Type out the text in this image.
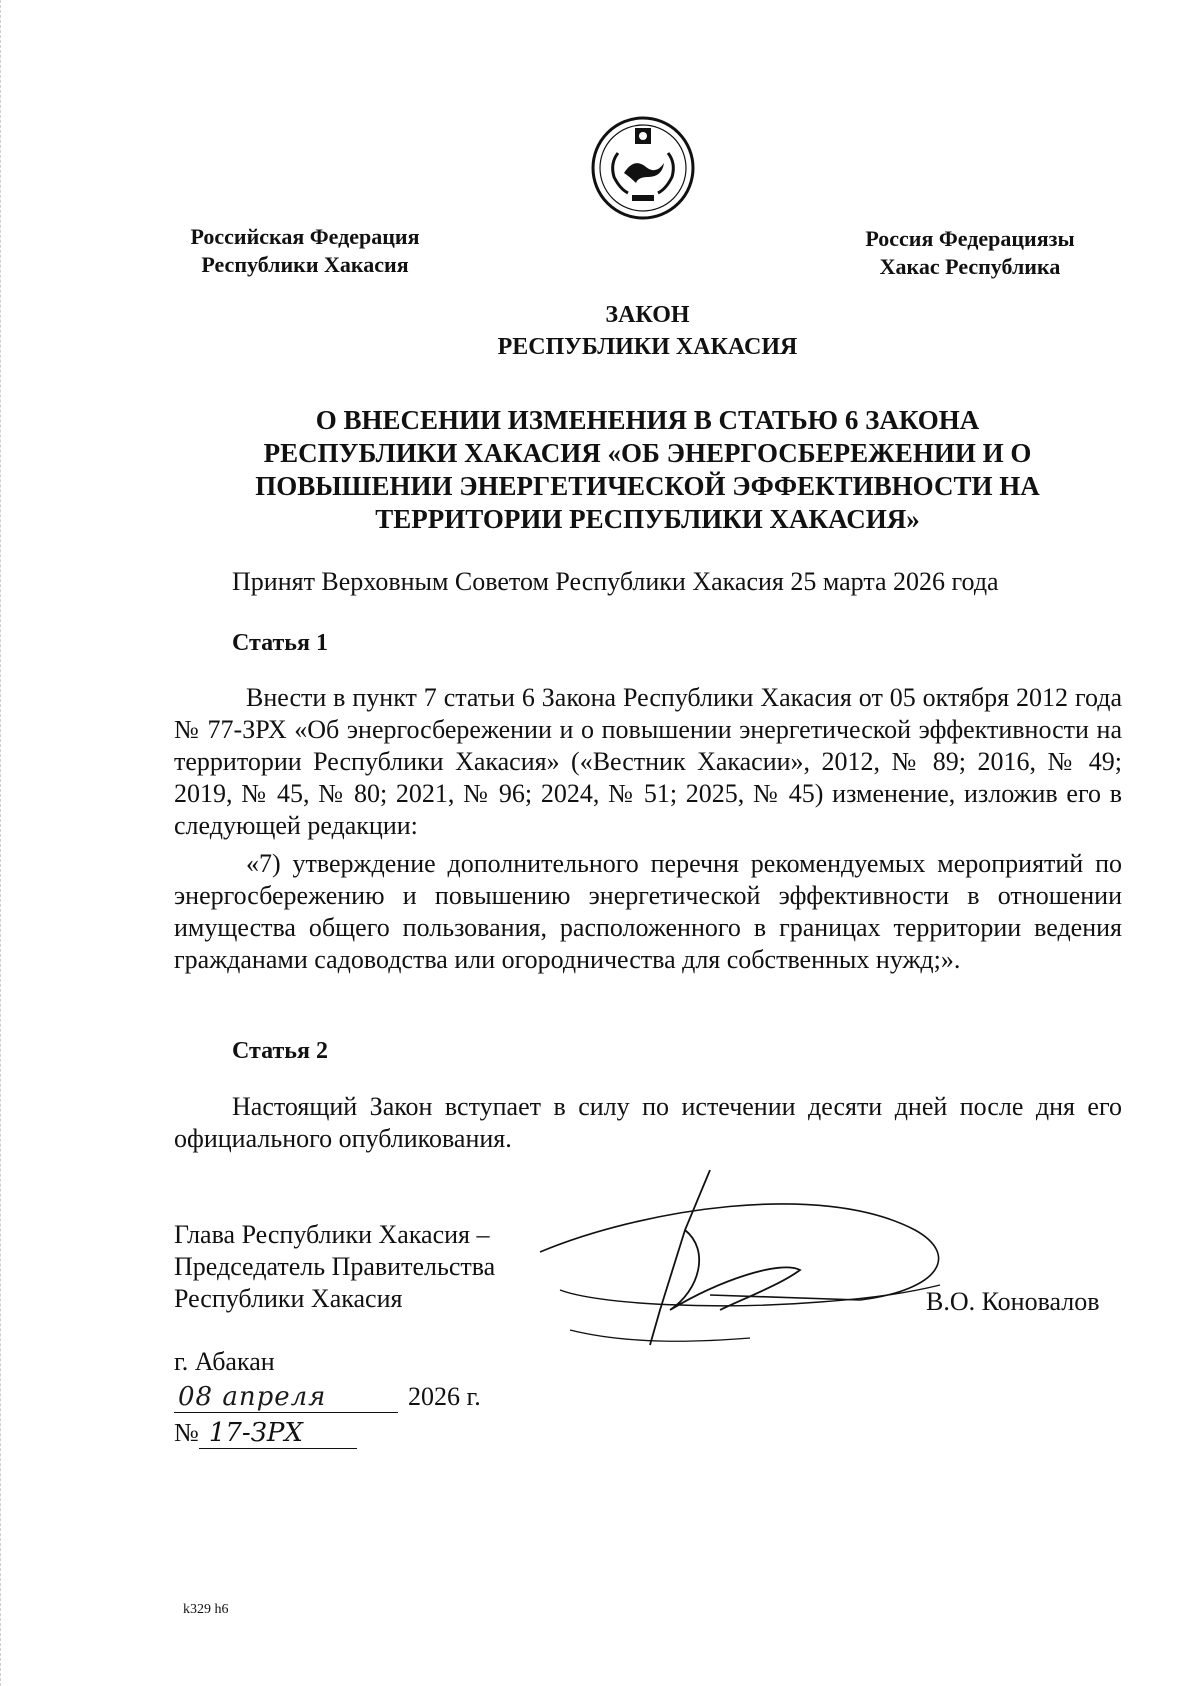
Российская Федерация
Республики Хакасия
Россия Федерациязы
Хакас Республика
ЗАКОН
РЕСПУБЛИКИ ХАКАСИЯ
О ВНЕСЕНИИ ИЗМЕНЕНИЯ В СТАТЬЮ 6 ЗАКОНА
РЕСПУБЛИКИ ХАКАСИЯ «ОБ ЭНЕРГОСБЕРЕЖЕНИИ И О
ПОВЫШЕНИИ ЭНЕРГЕТИЧЕСКОЙ ЭФФЕКТИВНОСТИ НА
ТЕРРИТОРИИ РЕСПУБЛИКИ ХАКАСИЯ»
Принят Верховным Советом Республики Хакасия 25 марта 2026 года
Статья 1
Внести в пункт 7 статьи 6 Закона Республики Хакасия от 05 октября 2012 года № 77-ЗРХ «Об энергосбережении и о повышении энергетической эффективности на территории Республики Хакасия» («Вестник Хакасии», 2012, № 89; 2016, № 49; 2019, № 45, № 80; 2021, № 96; 2024, № 51; 2025, № 45) изменение, изложив его в следующей редакции:
«7) утверждение дополнительного перечня рекомендуемых мероприятий по энергосбережению и повышению энергетической эффективности в отношении имущества общего пользования, расположенного в границах территории ведения гражданами садоводства или огородничества для собственных нужд;».
Статья 2
Настоящий Закон вступает в силу по истечении десяти дней после дня его официального опубликования.
Глава Республики Хакасия –
Председатель Правительства
Республики Хакасия	В.О. Коновалов
г. Абакан
08 апреля	2026 г.
№ 17-ЗРХ
k329 h6
